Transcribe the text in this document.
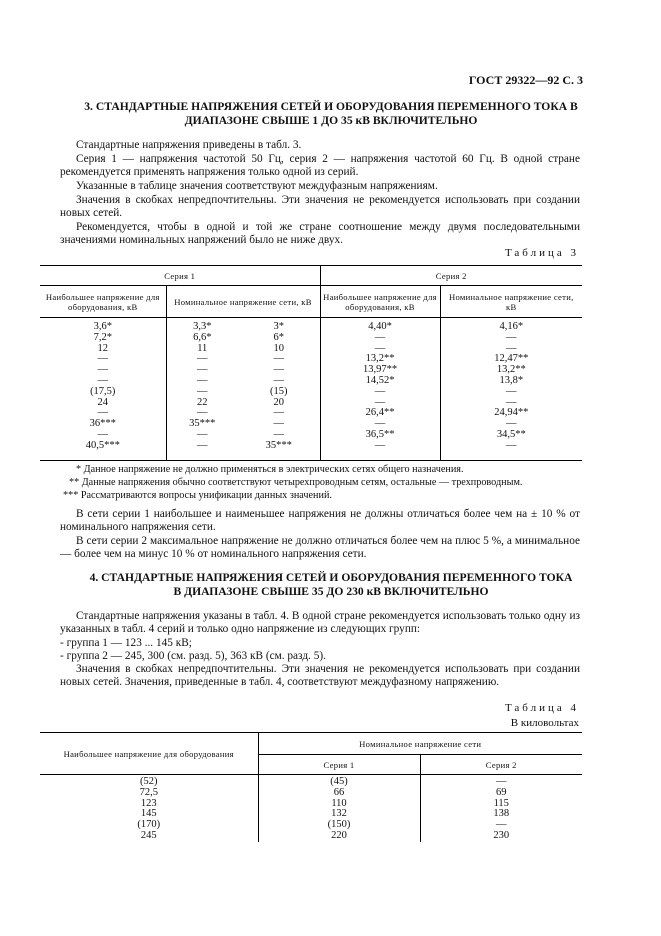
ГОСТ 29322—92 С. 3
3. СТАНДАРТНЫЕ НАПРЯЖЕНИЯ СЕТЕЙ И ОБОРУДОВАНИЯ ПЕРЕМЕННОГО ТОКА В
ДИАПАЗОНЕ СВЫШЕ 1 ДО 35 кВ ВКЛЮЧИТЕЛЬНО

Стандартные напряжения приведены в табл. 3.

Серия 1 — напряжения частотой 50 Гц, серия 2 — напряжения частотой 60 Гц. В одной стране рекомендуется применять напряжения только одной из серий.

Указанные в таблице значения соответствуют междуфазным напряжениям.

Значения в скобках непредпочтительны. Эти значения не рекомендуется использовать при создании новых сетей.

Рекомендуется, чтобы в одной и той же стране соотношение между двумя последовательными значениями номинальных напряжений было не ниже двух.

Таблица 3
Серия 1			Серия 2	
Наибольшее напряжение для оборудования, кВ	Номинальное напряжение сети, кВ		Наибольшее напряжение для оборудования, кВ	Номинальное напряжение сети, кВ
3,6*	3,3*	3*	4,40*	4,16*
7,2*	6,6*	6*	—	—
12	11	10	—	—
—	—	—	13,2**	12,47**
—	—	—	13,97**	13,2**
—	—	—	14,52*	13,8*
(17,5)	—	(15)	—	—
24	22	20	—	—
—	—	—	26,4**	24,94**
36***	35***	—	—	—
—	—	—	36,5**	34,5**
40,5***	—	35***	—	—
* Данное напряжение не должно применяться в электрических сетях общего назначения.
** Данные напряжения обычно соответствуют четырехпроводным сетям, остальные — трехпроводным.
*** Рассматриваются вопросы унификации данных значений.

В сети серии 1 наибольшее и наименьшее напряжения не должны отличаться более чем на ± 10 % от номинального напряжения сети.

В сети серии 2 максимальное напряжение не должно отличаться более чем на плюс 5 %, а минимальное — более чем на минус 10 % от номинального напряжения сети.

4. СТАНДАРТНЫЕ НАПРЯЖЕНИЯ СЕТЕЙ И ОБОРУДОВАНИЯ ПЕРЕМЕННОГО ТОКА
В ДИАПАЗОНЕ СВЫШЕ 35 ДО 230 кВ ВКЛЮЧИТЕЛЬНО

Стандартные напряжения указаны в табл. 4. В одной стране рекомендуется использовать только одну из указанных в табл. 4 серий и только одно напряжение из следующих групп:

- группа 1 — 123 ... 145 кВ;

- группа 2 — 245, 300 (см. разд. 5), 363 кВ (см. разд. 5).

Значения в скобках непредпочтительны. Эти значения не рекомендуется использовать при создании новых сетей. Значения, приведенные в табл. 4, соответствуют междуфазному напряжению.

Таблица 4
В киловольтах
Наибольшее напряжение для оборудования	Номинальное напряжение сети	
	Серия 1	Серия 2
(52)	(45)	—
72,5	66	69
123	110	115
145	132	138
(170)	(150)	—
245	220	230
